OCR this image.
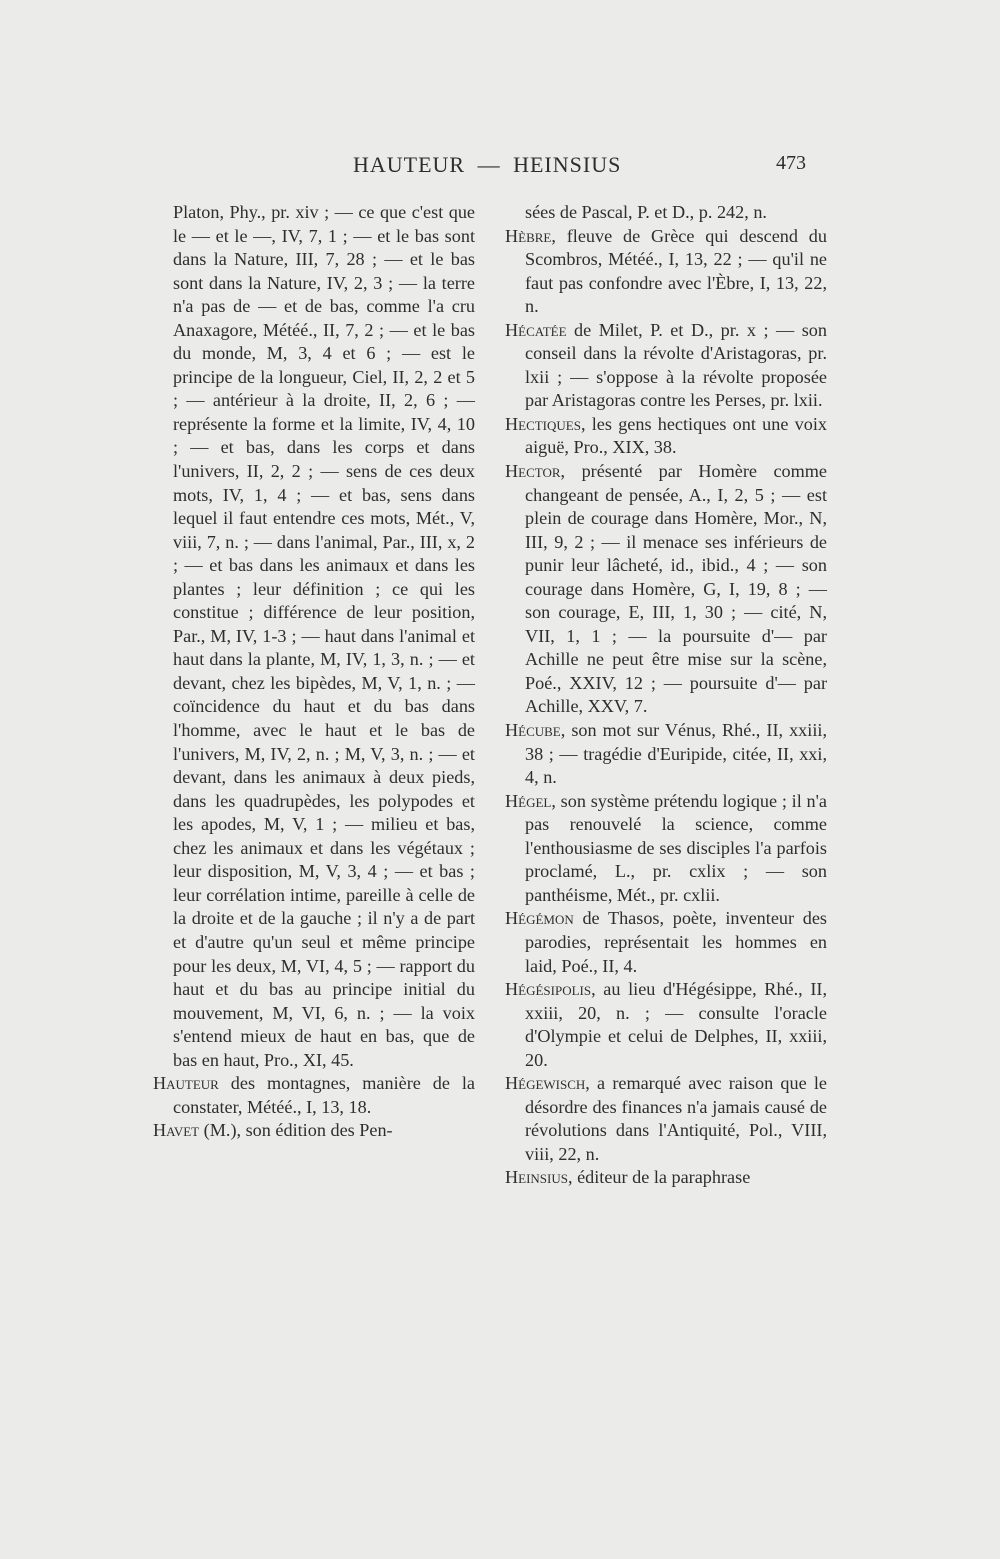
HAUTEUR — HEINSIUS	473

Platon, Phy., pr. xiv ; — ce que c'est que le — et le —, IV, 7, 1 ; — et le bas sont dans la Nature, III, 7, 28 ; — et le bas sont dans la Nature, IV, 2, 3 ; — la terre n'a pas de — et de bas, comme l'a cru Anaxagore, Météé., II, 7, 2 ; — et le bas du monde, M, 3, 4 et 6 ; — est le principe de la longueur, Ciel, II, 2, 2 et 5 ; — antérieur à la droite, II, 2, 6 ; — représente la forme et la limite, IV, 4, 10 ; — et bas, dans les corps et dans l'univers, II, 2, 2 ; — sens de ces deux mots, IV, 1, 4 ; — et bas, sens dans lequel il faut entendre ces mots, Mét., V, viii, 7, n. ; — dans l'animal, Par., III, x, 2 ; — et bas dans les animaux et dans les plantes ; leur définition ; ce qui les constitue ; différence de leur position, Par., M, IV, 1-3 ; — haut dans l'animal et haut dans la plante, M, IV, 1, 3, n. ; — et devant, chez les bipèdes, M, V, 1, n. ; — coïncidence du haut et du bas dans l'homme, avec le haut et le bas de l'univers, M, IV, 2, n. ; M, V, 3, n. ; — et devant, dans les animaux à deux pieds, dans les quadrupèdes, les polypodes et les apodes, M, V, 1 ; — milieu et bas, chez les animaux et dans les végétaux ; leur disposition, M, V, 3, 4 ; — et bas ; leur corrélation intime, pareille à celle de la droite et de la gauche ; il n'y a de part et d'autre qu'un seul et même principe pour les deux, M, VI, 4, 5 ; — rapport du haut et du bas au principe initial du mouvement, M, VI, 6, n. ; — la voix s'entend mieux de haut en bas, que de bas en haut, Pro., XI, 45.

Hauteur des montagnes, manière de la constater, Météé., I, 13, 18.

Havet (M.), son édition des Pen-

sées de Pascal, P. et D., p. 242, n.

Hèbre, fleuve de Grèce qui descend du Scombros, Météé., I, 13, 22 ; — qu'il ne faut pas confondre avec l'Èbre, I, 13, 22, n.

Hécatée de Milet, P. et D., pr. x ; — son conseil dans la révolte d'Aristagoras, pr. lxii ; — s'oppose à la révolte proposée par Aristagoras contre les Perses, pr. lxii.

Hectiques, les gens hectiques ont une voix aiguë, Pro., XIX, 38.

Hector, présenté par Homère comme changeant de pensée, A., I, 2, 5 ; — est plein de courage dans Homère, Mor., N, III, 9, 2 ; — il menace ses inférieurs de punir leur lâcheté, id., ibid., 4 ; — son courage dans Homère, G, I, 19, 8 ; — son courage, E, III, 1, 30 ; — cité, N, VII, 1, 1 ; — la poursuite d'— par Achille ne peut être mise sur la scène, Poé., XXIV, 12 ; — poursuite d'— par Achille, XXV, 7.

Hécube, son mot sur Vénus, Rhé., II, xxiii, 38 ; — tragédie d'Euripide, citée, II, xxi, 4, n.

Hégel, son système prétendu logique ; il n'a pas renouvelé la science, comme l'enthousiasme de ses disciples l'a parfois proclamé, L., pr. cxlix ; — son panthéisme, Mét., pr. cxlii.

Hégémon de Thasos, poète, inventeur des parodies, représentait les hommes en laid, Poé., II, 4.

Hégésipolis, au lieu d'Hégésippe, Rhé., II, xxiii, 20, n. ; — consulte l'oracle d'Olympie et celui de Delphes, II, xxiii, 20.

Hégewisch, a remarqué avec raison que le désordre des finances n'a jamais causé de révolutions dans l'Antiquité, Pol., VIII, viii, 22, n.

Heinsius, éditeur de la paraphrase
